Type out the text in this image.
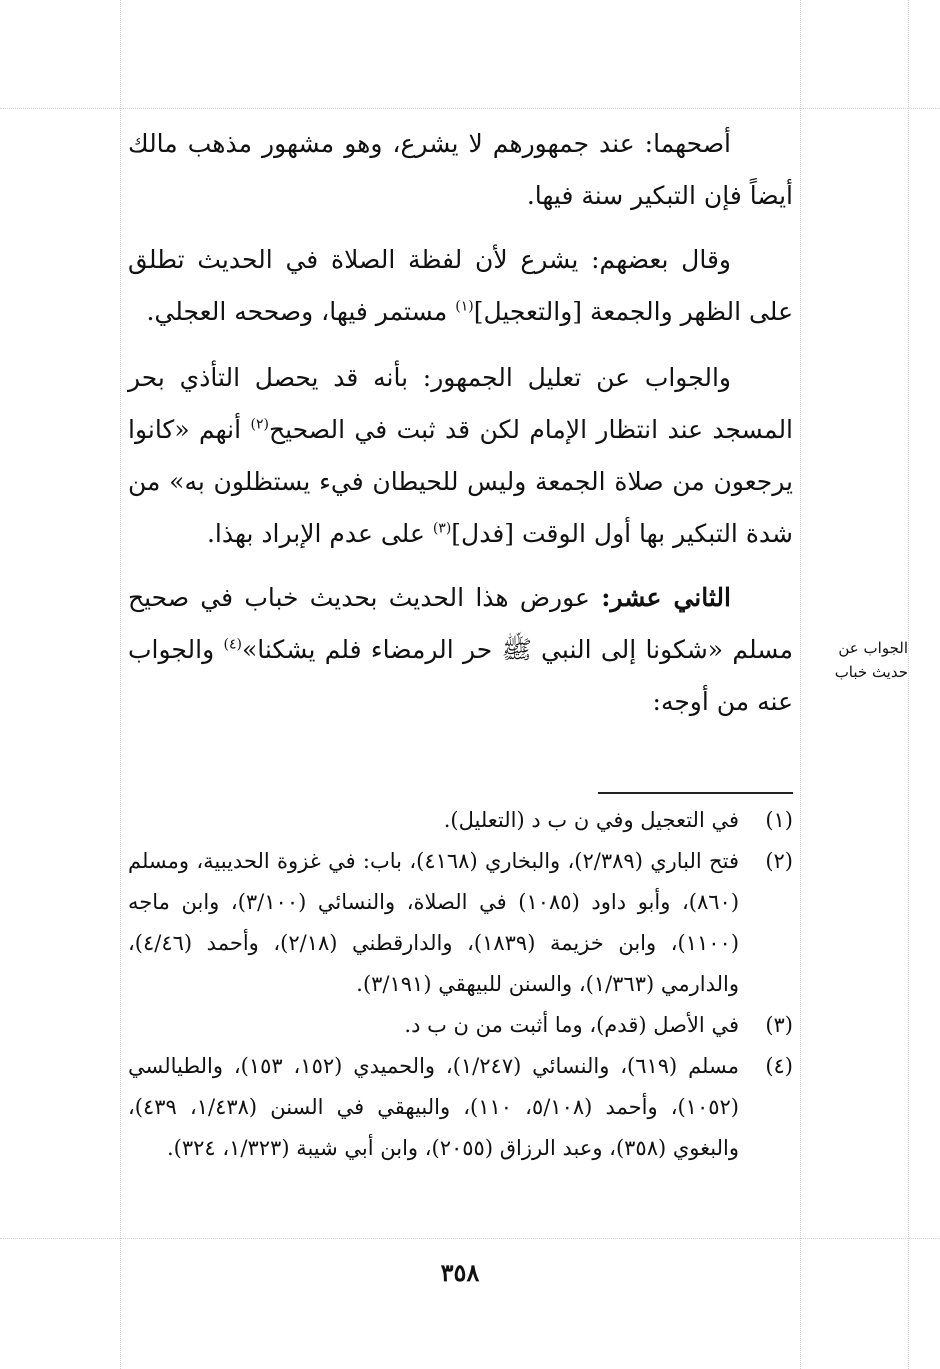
أصحهما: عند جمهورهم لا يشرع، وهو مشهور مذهب مالك أيضاً فإن التبكير سنة فيها.

وقال بعضهم: يشرع لأن لفظة الصلاة في الحديث تطلق على الظهر والجمعة [والتعجيل]$^{(١)}$ مستمر فيها، وصححه العجلي.

والجواب عن تعليل الجمهور: بأنه قد يحصل التأذي بحر المسجد عند انتظار الإمام لكن قد ثبت في الصحيح$^{(٢)}$ أنهم «كانوا يرجعون من صلاة الجمعة وليس للحيطان فيء يستظلون به» من شدة التبكير بها أول الوقت [فدل]$^{(٣)}$ على عدم الإبراد بهذا.

الثاني عشر: عورض هذا الحديث بحديث خباب في صحيح مسلم «شكونا إلى النبي ﷺ حر الرمضاء فلم يشكنا»$^{(٤)}$ والجواب عنه من أوجه:

الجواب عن
حديث خباب
(١)
في التعجيل وفي ن ب د (التعليل).
(٢)
فتح الباري (٢/٣٨٩)، والبخاري (٤١٦٨)، باب: في غزوة الحديبية، ومسلم (٨٦٠)، وأبو داود (١٠٨٥) في الصلاة، والنسائي (٣/١٠٠)، وابن ماجه (١١٠٠)، وابن خزيمة (١٨٣٩)، والدارقطني (٢/١٨)، وأحمد (٤/٤٦)، والدارمي (١/٣٦٣)، والسنن للبيهقي (٣/١٩١).
(٣)
في الأصل (قدم)، وما أثبت من ن ب د.
(٤)
مسلم (٦١٩)، والنسائي (١/٢٤٧)، والحميدي (١٥٢، ١٥٣)، والطيالسي (١٠٥٢)، وأحمد (٥/١٠٨، ١١٠)، والبيهقي في السنن (١/٤٣٨، ٤٣٩)، والبغوي (٣٥٨)، وعبد الرزاق (٢٠٥٥)، وابن أبي شيبة (١/٣٢٣، ٣٢٤).
٣٥٨
